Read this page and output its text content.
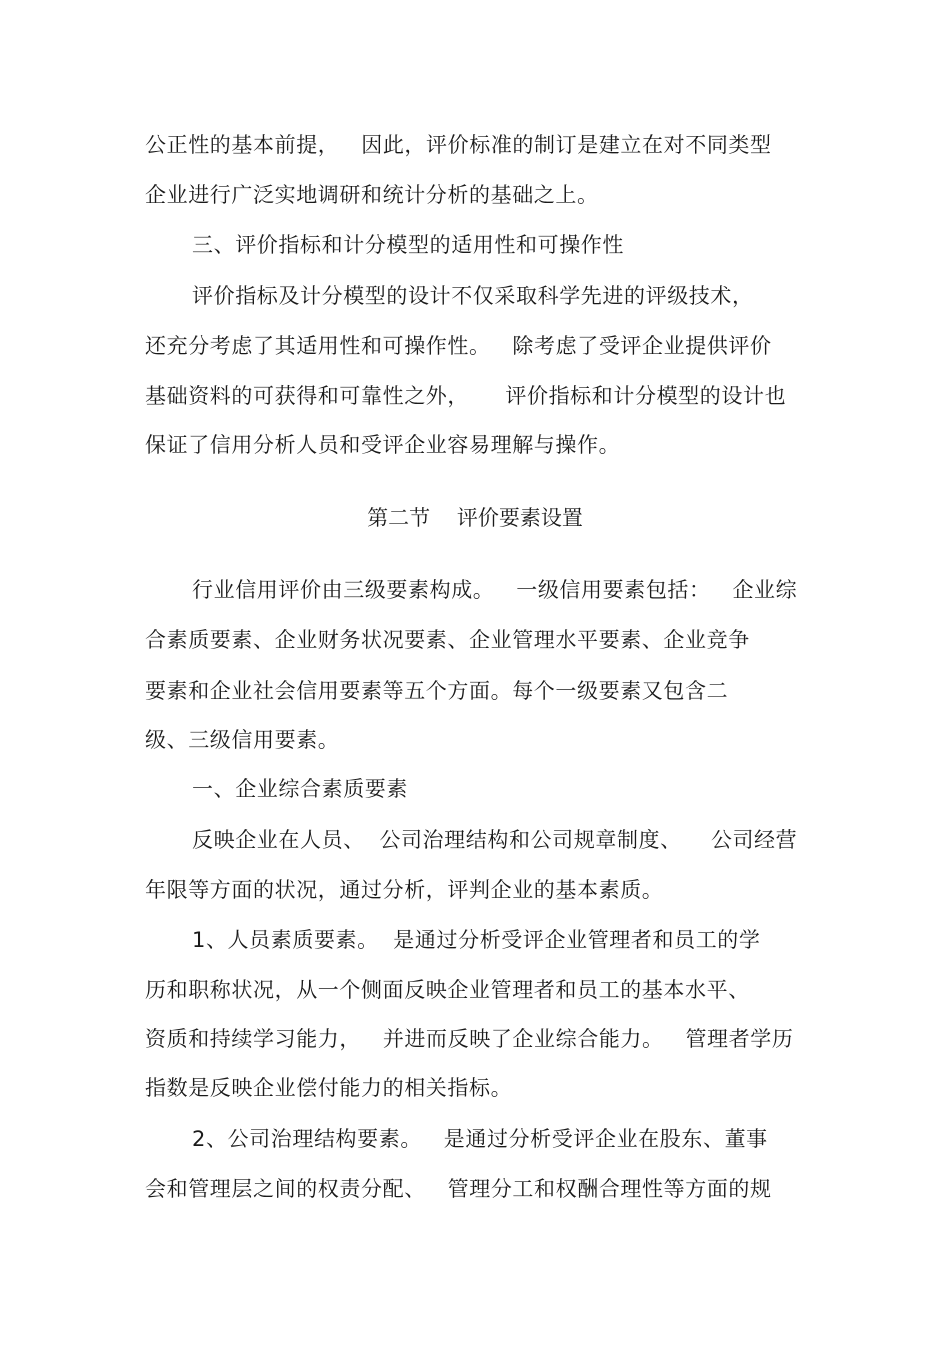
公正性的基本前提，   因此，评价标准的制订是建立在对不同类型
企业进行广泛实地调研和统计分析的基础之上。
三、评价指标和计分模型的适用性和可操作性
评价指标及计分模型的设计不仅采取科学先进的评级技术，
还充分考虑了其适用性和可操作性。   除考虑了受评企业提供评价
基础资料的可获得和可靠性之外，     评价指标和计分模型的设计也
保证了信用分析人员和受评企业容易理解与操作。
第二节    评价要素设置
行业信用评价由三级要素构成。   一级信用要素包括：   企业综
合素质要素、企业财务状况要素、企业管理水平要素、企业竞争
要素和企业社会信用要素等五个方面。每个一级要素又包含二
级、三级信用要素。
一、企业综合素质要素
反映企业在人员、  公司治理结构和公司规章制度、    公司经营
年限等方面的状况，通过分析，评判企业的基本素质。
1、人员素质要素。  是通过分析受评企业管理者和员工的学
历和职称状况，从一个侧面反映企业管理者和员工的基本水平、
资质和持续学习能力，   并进而反映了企业综合能力。   管理者学历
指数是反映企业偿付能力的相关指标。
2、公司治理结构要素。   是通过分析受评企业在股东、董事
会和管理层之间的权责分配、   管理分工和权酬合理性等方面的规
